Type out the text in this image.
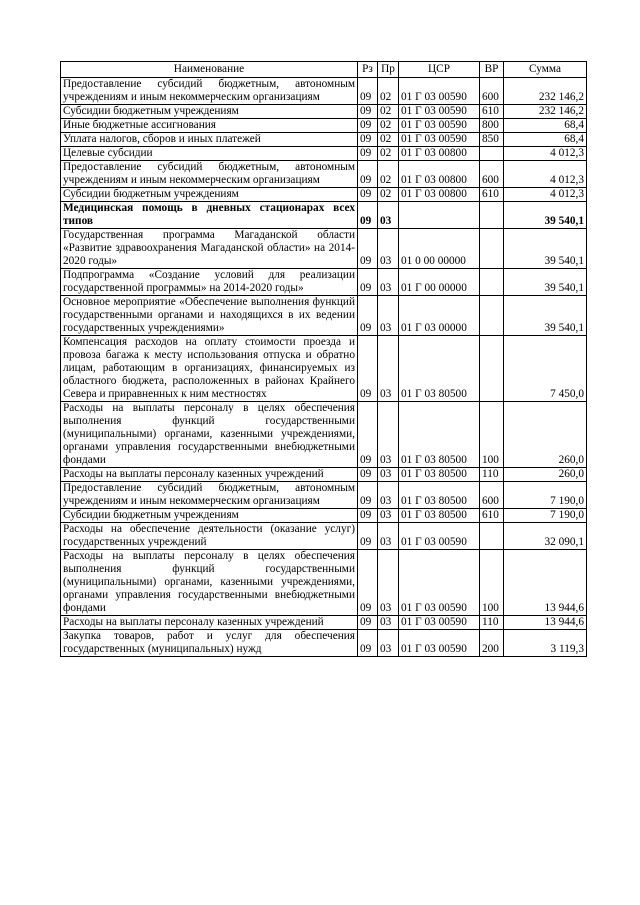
Наименование	Рз	Пр	ЦСР	ВР	Сумма
Предоставление субсидий бюджетным, автономным учреждениям и иным некоммерческим организациям	09	02	01 Г 03 00590	600	232 146,2
Субсидии бюджетным учреждениям	09	02	01 Г 03 00590	610	232 146,2
Иные бюджетные ассигнования	09	02	01 Г 03 00590	800	68,4
Уплата налогов, сборов и иных платежей	09	02	01 Г 03 00590	850	68,4
Целевые субсидии	09	02	01 Г 03 00800		4 012,3
Предоставление субсидий бюджетным, автономным учреждениям и иным некоммерческим организациям	09	02	01 Г 03 00800	600	4 012,3
Субсидии бюджетным учреждениям	09	02	01 Г 03 00800	610	4 012,3
Медицинская помощь в дневных стационарах всех типов	09	03			39 540,1
Государственная программа Магаданской области «Развитие здравоохранения Магаданской области» на 2014-2020 годы»	09	03	01 0 00 00000		39 540,1
Подпрограмма «Создание условий для реализации государственной программы» на 2014-2020 годы»	09	03	01 Г 00 00000		39 540,1
Основное мероприятие «Обеспечение выполнения функций государственными органами и находящихся в их ведении государственных учреждениями»	09	03	01 Г 03 00000		39 540,1
Компенсация расходов на оплату стоимости проезда и провоза багажа к месту использования отпуска и обратно лицам, работающим в организациях, финансируемых из областного бюджета, расположенных в районах Крайнего Севера и приравненных к ним местностях	09	03	01 Г 03 80500		7 450,0
Расходы на выплаты персоналу в целях обеспечения выполнения функций государственными (муниципальными) органами, казенными учреждениями, органами управления государственными внебюджетными фондами	09	03	01 Г 03 80500	100	260,0
Расходы на выплаты персоналу казенных учреждений	09	03	01 Г 03 80500	110	260,0
Предоставление субсидий бюджетным, автономным учреждениям и иным некоммерческим организациям	09	03	01 Г 03 80500	600	7 190,0
Субсидии бюджетным учреждениям	09	03	01 Г 03 80500	610	7 190,0
Расходы на обеспечение деятельности (оказание услуг) государственных учреждений	09	03	01 Г 03 00590		32 090,1
Расходы на выплаты персоналу в целях обеспечения выполнения функций государственными (муниципальными) органами, казенными учреждениями, органами управления государственными внебюджетными фондами	09	03	01 Г 03 00590	100	13 944,6
Расходы на выплаты персоналу казенных учреждений	09	03	01 Г 03 00590	110	13 944,6
Закупка товаров, работ и услуг для обеспечения государственных (муниципальных) нужд	09	03	01 Г 03 00590	200	3 119,3
